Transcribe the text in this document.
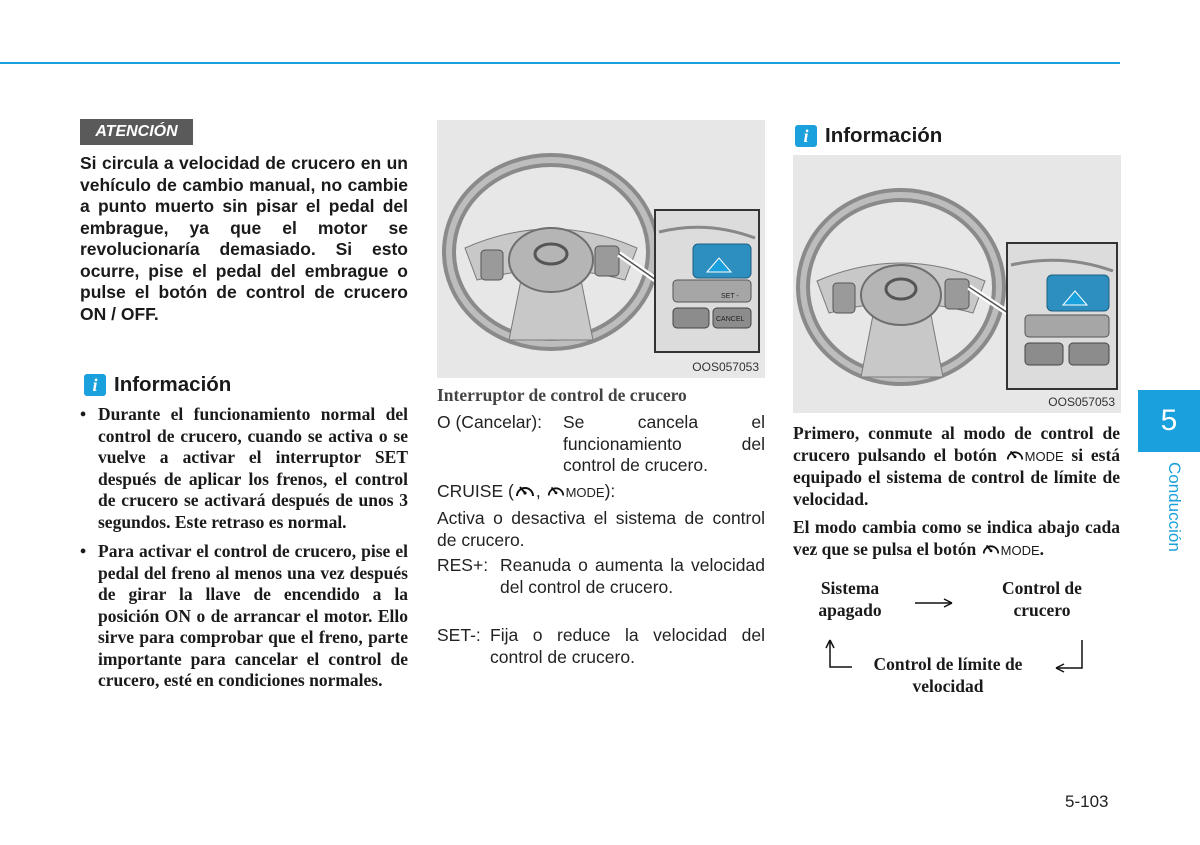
ATENCIÓN
Si circula a velocidad de crucero en un vehículo de cambio manual, no cambie a punto muerto sin pisar el pedal del embrague, ya que el motor se revolucionaría demasiado. Si esto ocurre, pise el pedal del embrague o pulse el botón de control de crucero ON / OFF.
i Información
• Durante el funcionamiento normal del control de crucero, cuando se activa o se vuelve a activar el interruptor SET después de aplicar los frenos, el control de crucero se activará después de unos 3 segundos. Este retraso es normal.
• Para activar el control de crucero, pise el pedal del freno al menos una vez después de girar la llave de encendido a la posición ON o de arrancar el motor. Ello sirve para comprobar que el freno, parte importante para cancelar el control de crucero, esté en condiciones normales.
SET -
CANCEL
OOS057053
Interruptor de control de crucero
O (Cancelar): Se cancela el funcionamiento del control de crucero.
CRUISE ( , MODE):
Activa o desactiva el sistema de control de crucero.
RES+: Reanuda o aumenta la velocidad del control de crucero.
SET-: Fija o reduce la velocidad del control de crucero.
i Información
OOS057053
Primero, conmute al modo de control de crucero pulsando el botón MODE si está equipado el sistema de control de límite de velocidad.
El modo cambia como se indica abajo cada vez que se pulsa el botón MODE.
Sistema apagado
Control de crucero
Control de límite de velocidad
5
Conducción
5-103
